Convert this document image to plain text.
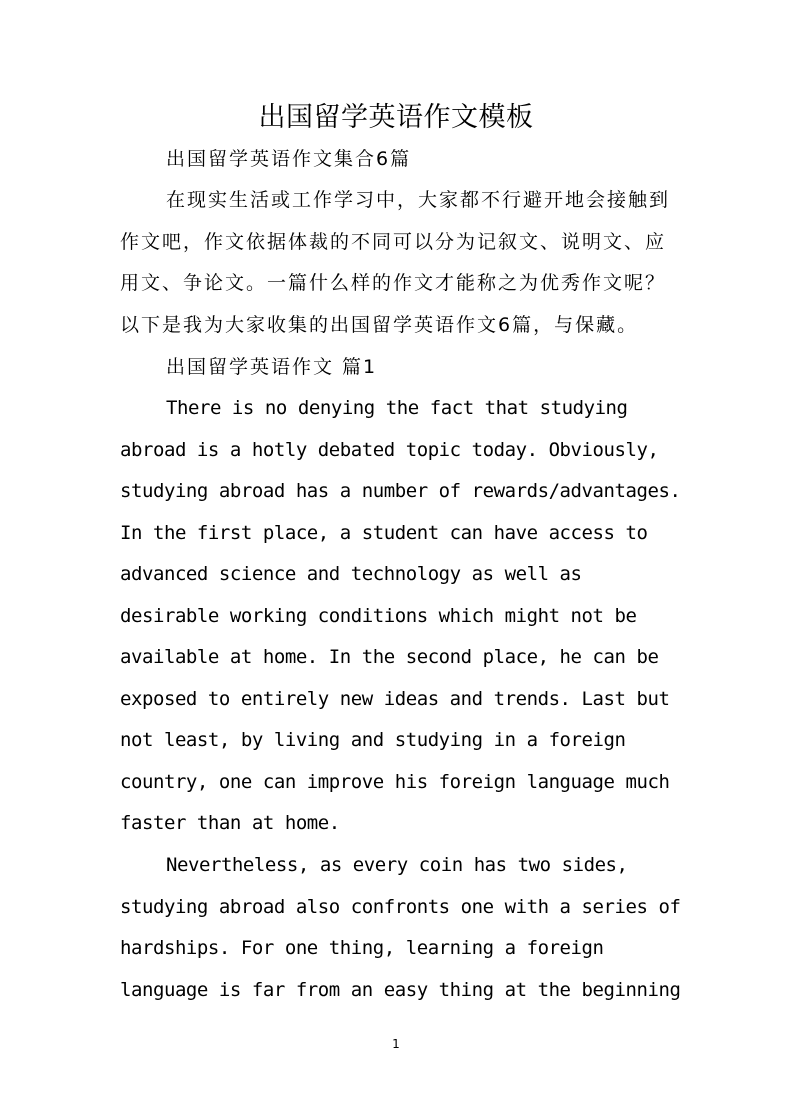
出国留学英语作文模板
出国留学英语作文集合6篇
在现实生活或工作学习中，大家都不行避开地会接触到
作文吧，作文依据体裁的不同可以分为记叙文、说明文、应
用文、争论文。一篇什么样的作文才能称之为优秀作文呢？
以下是我为大家收集的出国留学英语作文6篇，与保藏。
出国留学英语作文 篇1
There is no denying the fact that studying
abroad is a hotly debated topic today. Obviously,
studying abroad has a number of rewards/advantages.
In the first place, a student can have access to
advanced science and technology as well as
desirable working conditions which might not be
available at home. In the second place, he can be
exposed to entirely new ideas and trends. Last but
not least, by living and studying in a foreign
country, one can improve his foreign language much
faster than at home.
Nevertheless, as every coin has two sides,
studying abroad also confronts one with a series of
hardships. For one thing, learning a foreign
language is far from an easy thing at the beginning
1
